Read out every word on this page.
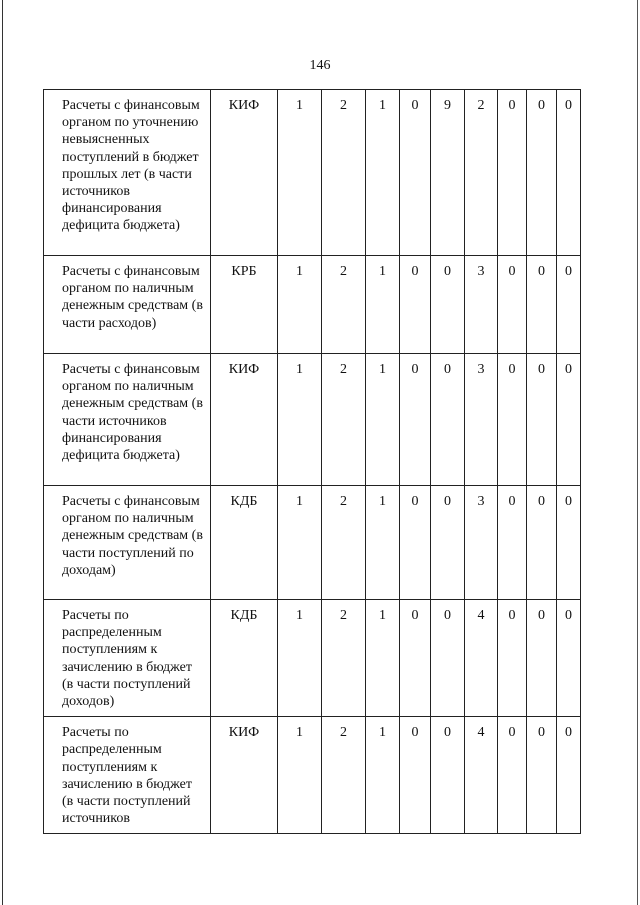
146
Расчеты с финансовым органом по уточнению невыясненных поступлений в бюджет прошлых лет (в части источников финансирования дефицита бюджета)	КИФ	1	2	1	0	9	2	0	0	0
Расчеты с финансовым органом по наличным денежным средствам (в части расходов)	КРБ	1	2	1	0	0	3	0	0	0
Расчеты с финансовым органом по наличным денежным средствам (в части источников финансирования дефицита бюджета)	КИФ	1	2	1	0	0	3	0	0	0
Расчеты с финансовым органом по наличным денежным средствам (в части поступлений по доходам)	КДБ	1	2	1	0	0	3	0	0	0
Расчеты по распределенным поступлениям к зачислению в бюджет (в части поступлений доходов)	КДБ	1	2	1	0	0	4	0	0	0
Расчеты по распределенным поступлениям к зачислению в бюджет (в части поступлений источников	КИФ	1	2	1	0	0	4	0	0	0
